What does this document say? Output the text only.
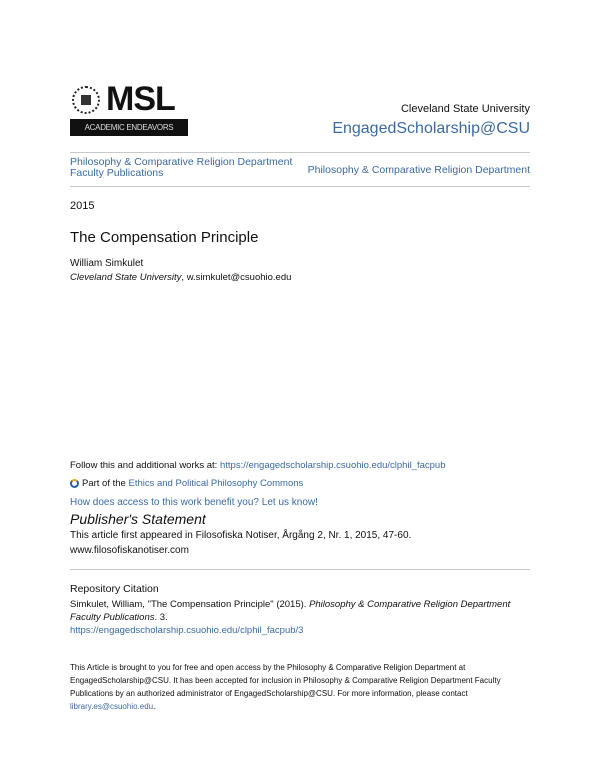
MSL
ACADEMIC ENDEAVORS
Cleveland State University
EngagedScholarship@CSU
Philosophy & Comparative Religion Department Faculty Publications	Philosophy & Comparative Religion Department
2015
The Compensation Principle
William Simkulet
Cleveland State University, w.simkulet@csuohio.edu
Follow this and additional works at: https://engagedscholarship.csuohio.edu/clphil_facpub
Part of the Ethics and Political Philosophy Commons
How does access to this work benefit you? Let us know!
Publisher's Statement
This article first appeared in Filosofiska Notiser, Årgång 2, Nr. 1, 2015, 47-60.
www.filosofiskanotiser.com
Repository Citation
Simkulet, William, "The Compensation Principle" (2015). Philosophy & Comparative Religion Department Faculty Publications. 3.
https://engagedscholarship.csuohio.edu/clphil_facpub/3
This Article is brought to you for free and open access by the Philosophy & Comparative Religion Department at EngagedScholarship@CSU. It has been accepted for inclusion in Philosophy & Comparative Religion Department Faculty Publications by an authorized administrator of EngagedScholarship@CSU. For more information, please contact library.es@csuohio.edu.
